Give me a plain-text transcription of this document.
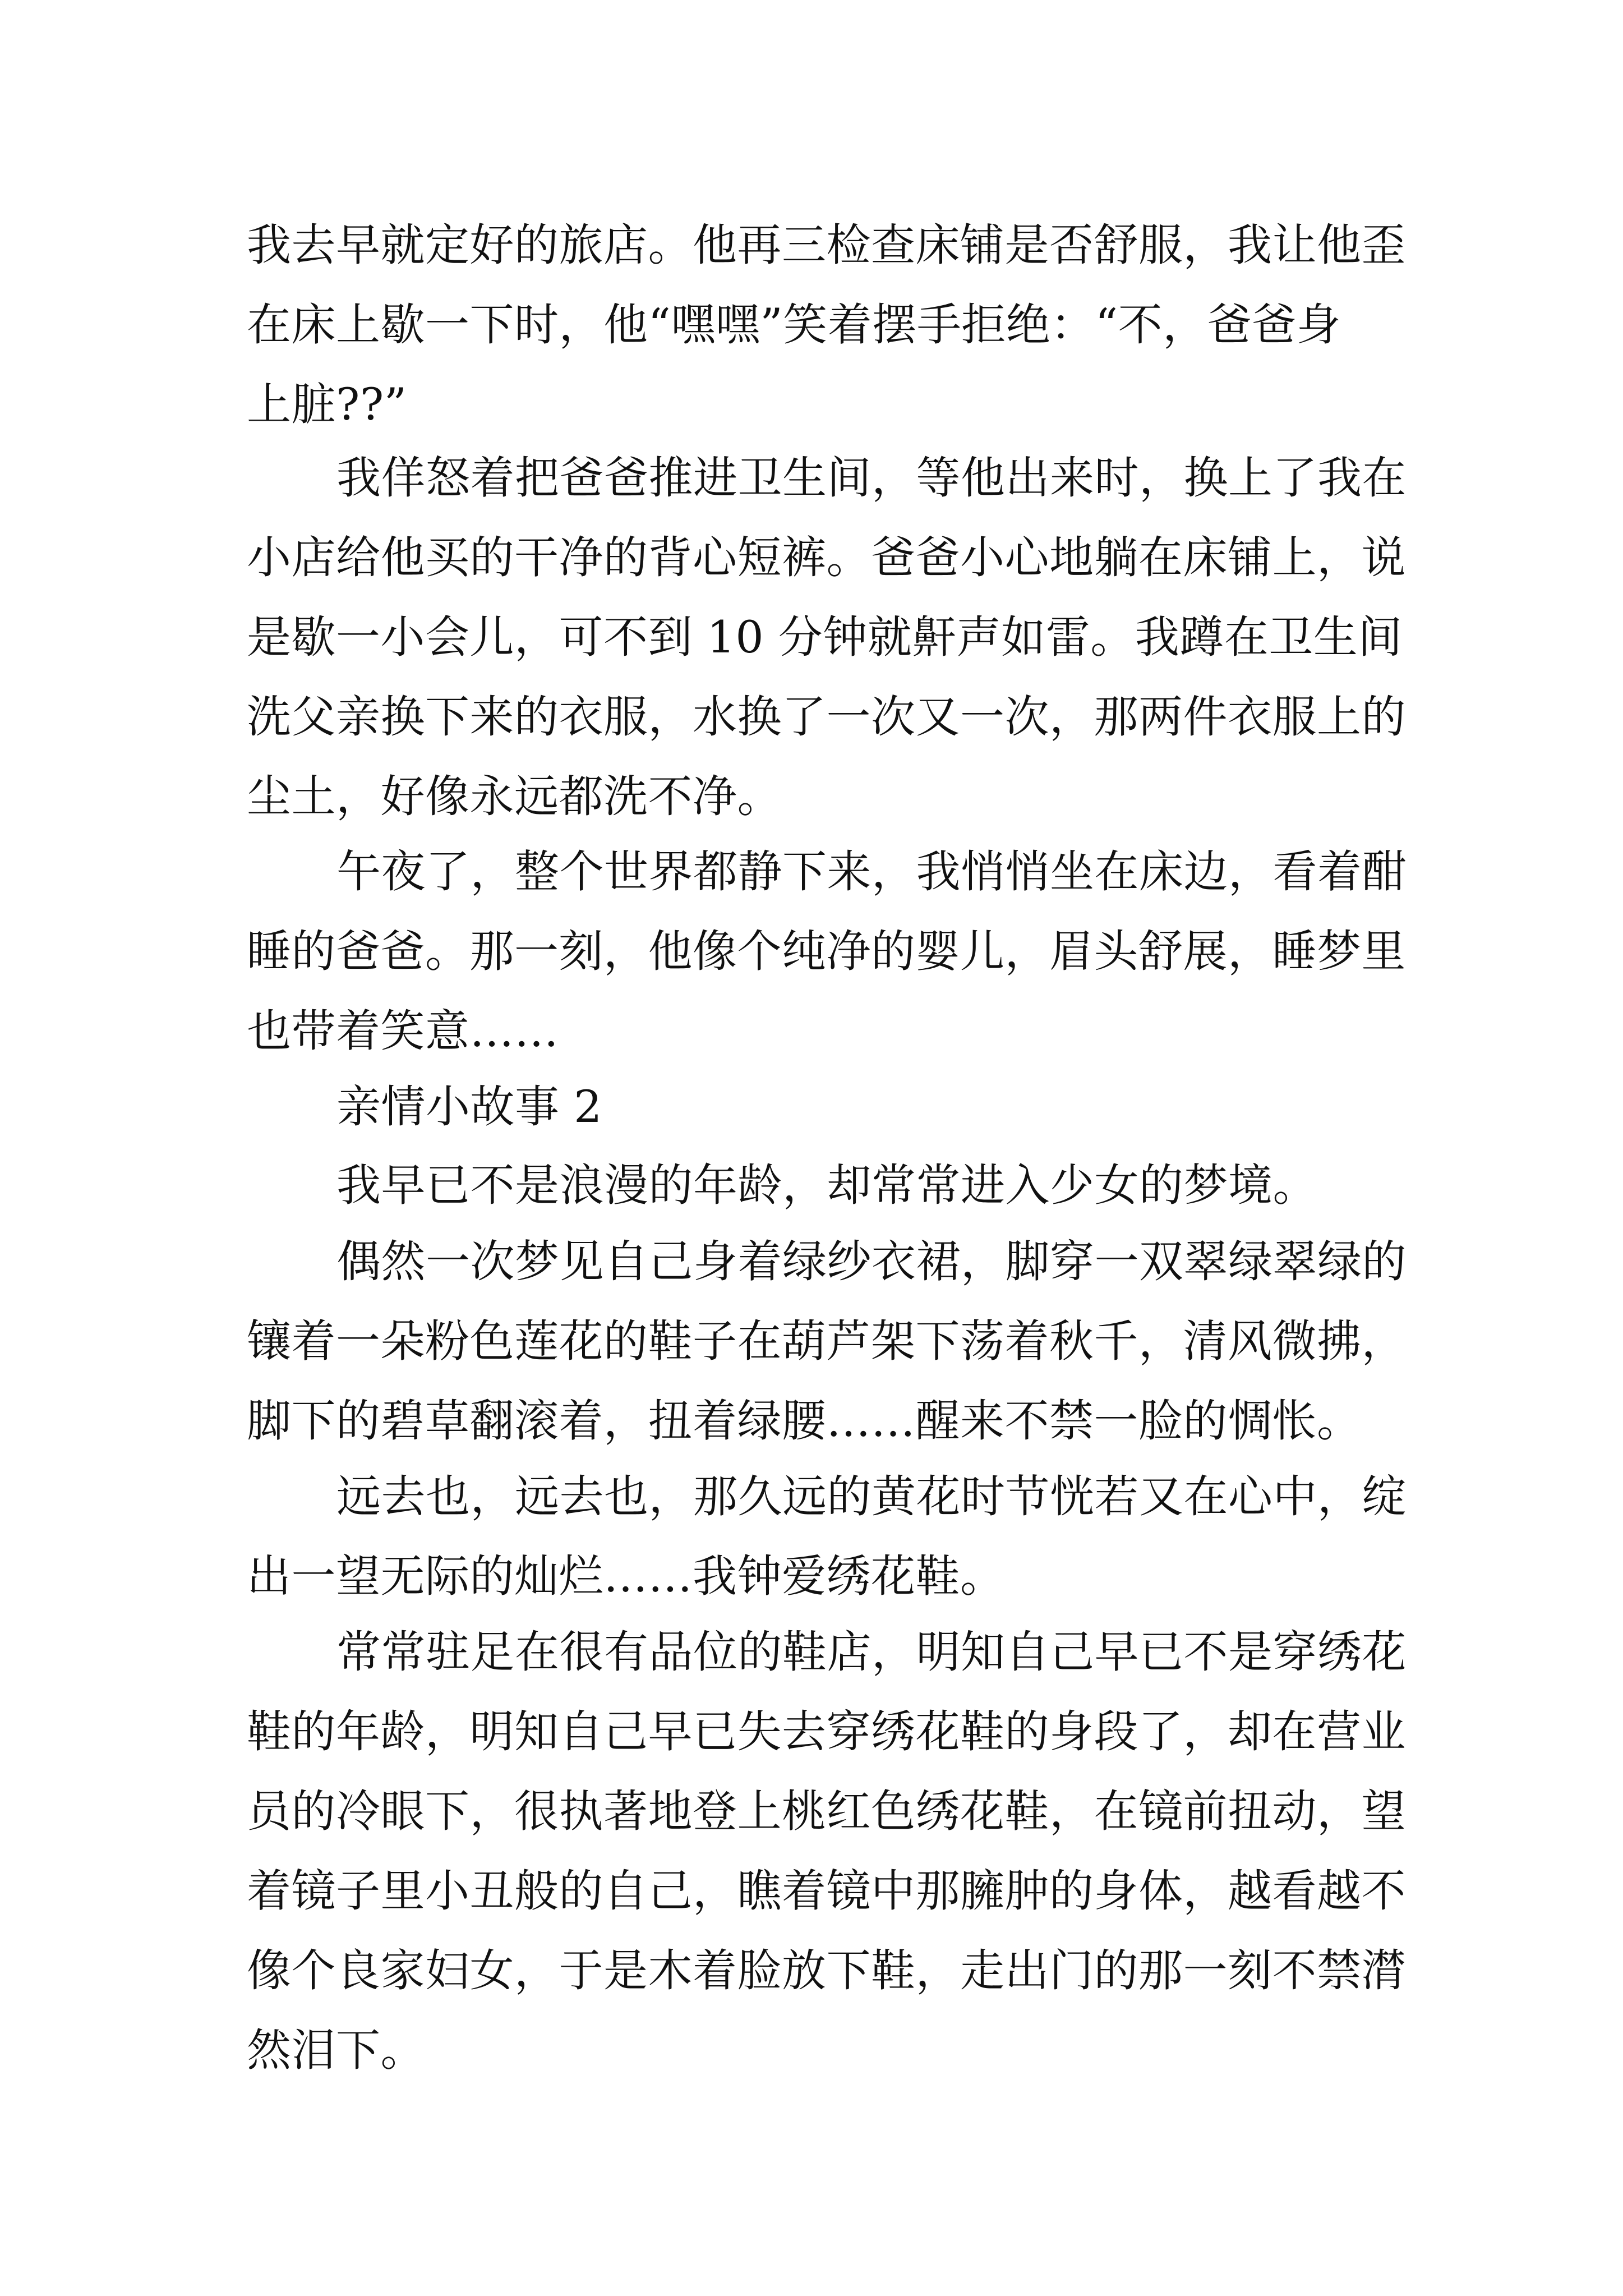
我去早就定好的旅店。他再三检查床铺是否舒服，我让他歪
在床上歇一下时，他“嘿嘿”笑着摆手拒绝：“不，爸爸身
上脏??”
我佯怒着把爸爸推进卫生间，等他出来时，换上了我在
小店给他买的干净的背心短裤。爸爸小心地躺在床铺上，说
是歇一小会儿，可不到 10 分钟就鼾声如雷。我蹲在卫生间
洗父亲换下来的衣服，水换了一次又一次，那两件衣服上的
尘土，好像永远都洗不净。
午夜了，整个世界都静下来，我悄悄坐在床边，看着酣
睡的爸爸。那一刻，他像个纯净的婴儿，眉头舒展，睡梦里
也带着笑意……
亲情小故事 2
我早已不是浪漫的年龄，却常常进入少女的梦境。
偶然一次梦见自己身着绿纱衣裙，脚穿一双翠绿翠绿的
镶着一朵粉色莲花的鞋子在葫芦架下荡着秋千，清风微拂，
脚下的碧草翻滚着，扭着绿腰……醒来不禁一脸的惆怅。
远去也，远去也，那久远的黄花时节恍若又在心中，绽
出一望无际的灿烂……我钟爱绣花鞋。
常常驻足在很有品位的鞋店，明知自己早已不是穿绣花
鞋的年龄，明知自己早已失去穿绣花鞋的身段了，却在营业
员的冷眼下，很执著地登上桃红色绣花鞋，在镜前扭动，望
着镜子里小丑般的自己，瞧着镜中那臃肿的身体，越看越不
像个良家妇女，于是木着脸放下鞋，走出门的那一刻不禁潸
然泪下。
